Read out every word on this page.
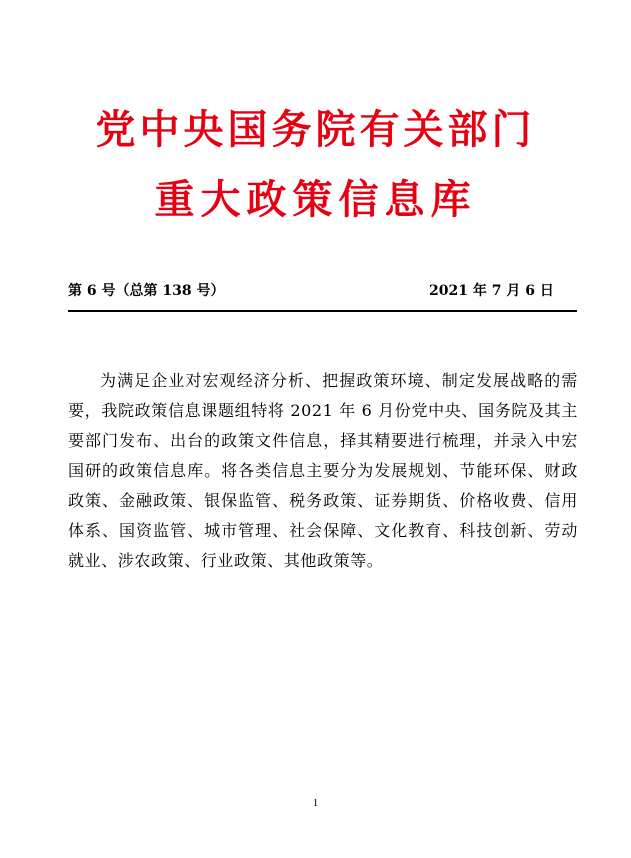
党中央国务院有关部门
重大政策信息库
第 6 号（总第 138 号）	2021 年 7 月 6 日

为满足企业对宏观经济分析、把握政策环境、制定发展战略的需要，我院政策信息课题组特将 2021 年 6 月份党中央、国务院及其主要部门发布、出台的政策文件信息，择其精要进行梳理，并录入中宏国研的政策信息库。将各类信息主要分为发展规划、节能环保、财政政策、金融政策、银保监管、税务政策、证券期货、价格收费、信用体系、国资监管、城市管理、社会保障、文化教育、科技创新、劳动就业、涉农政策、行业政策、其他政策等。

1
